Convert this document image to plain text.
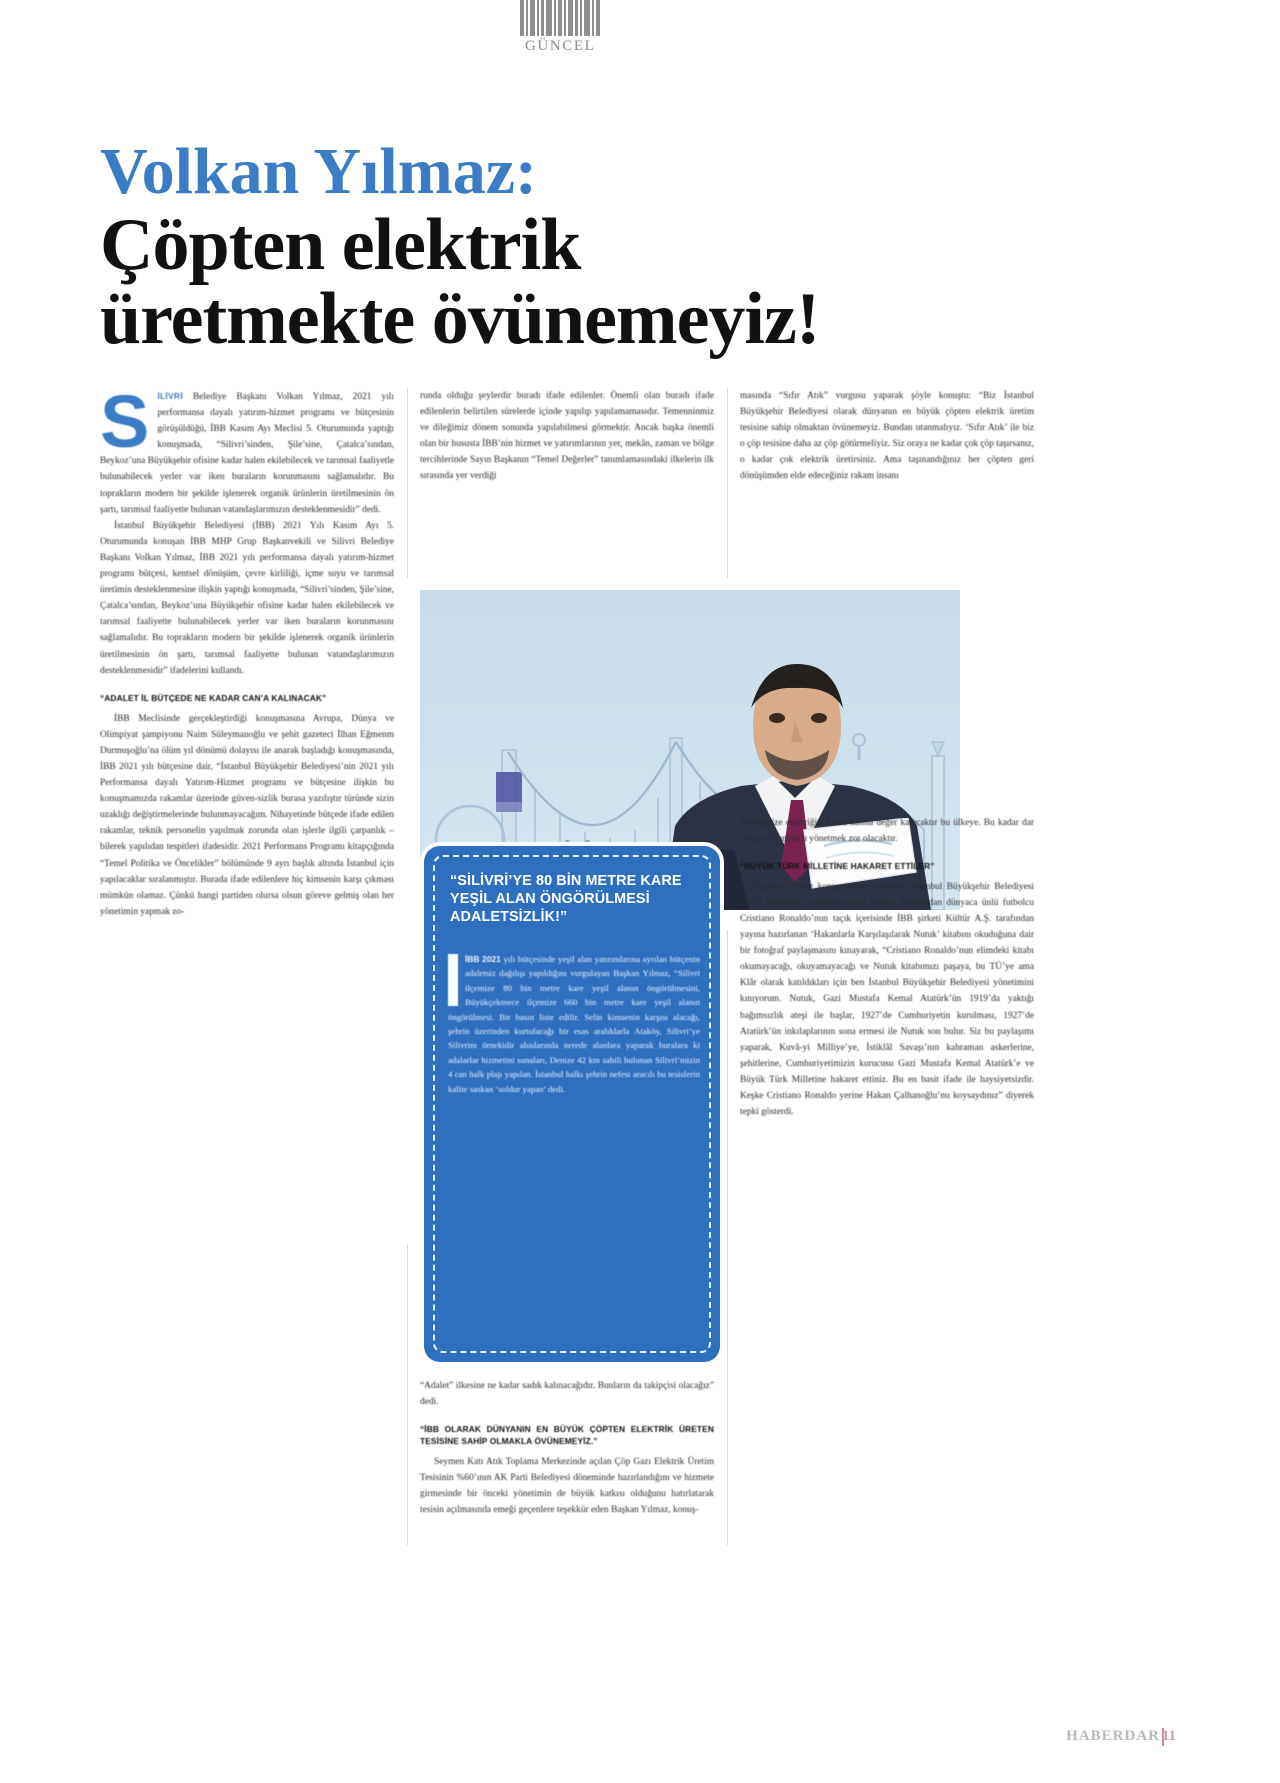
GÜNCEL
Volkan Yılmaz:
Çöpten elektrik
üretmekte övünemeyiz!

SİLİVRİ Belediye Başkanı Volkan Yılmaz, 2021 yılı performansa dayalı yatırım-hizmet programı ve bütçesinin görüşüldüğü, İBB Kasım Ayı Meclisi 5. Oturumunda yaptığı konuşmada, “Silivri’sinden, Şile’sine, Çatalca’sından, Beykoz’una Büyükşehir ofisine kadar halen ekilebilecek ve tarımsal faaliyetle bulunabilecek yerler var iken buraların korunmasını sağlamalıdır. Bu toprakların modern bir şekilde işlenerek organik ürünlerin üretilmesinin ön şartı, tarımsal faaliyette bulunan vatandaşlarımızın desteklenmesidir” dedi.

İstanbul Büyükşehir Belediyesi (İBB) 2021 Yılı Kasım Ayı 5. Oturumunda konuşan İBB MHP Grup Başkanvekili ve Silivri Belediye Başkanı Volkan Yılmaz, İBB 2021 yılı performansa dayalı yatırım-hizmet programı bütçesi, kentsel dönüşüm, çevre kirliliği, içme suyu ve tarımsal üretimin desteklenmesine ilişkin yaptığı konuşmada, “Silivri’sinden, Şile’sine, Çatalca’sından, Beykoz’una Büyükşehir ofisine kadar halen ekilebilecek ve tarımsal faaliyette bulunabilecek yerler var iken buraların korunmasını sağlamalıdır. Bu toprakların modern bir şekilde işlenerek organik ürünlerin üretilmesinin ön şartı, tarımsal faaliyette bulunan vatandaşlarımızın desteklenmesidir” ifadelerini kullandı.

“ADALET İL BÜTÇEDE NE KADAR CAN’A KALINACAK”

İBB Meclisinde gerçekleştirdiği konuşmasına Avrupa, Dünya ve Olimpiyat şampiyonu Naim Süleymanoğlu ve şehit gazeteci İlhan Eğmenm Durmuşoğlu’na ölüm yıl dönümü dolayısı ile anarak başladığı konuşmasında, İBB 2021 yılı bütçesine dair, “İstanbul Büyükşehir Belediyesi’nin 2021 yılı Performansa dayalı Yatırım-Hizmet programı ve bütçesine ilişkin bu konuşmamızda rakamlar üzerinde güven-sizlik burasa yazılıştır türünde sizin uzaklığı değiştirmelerinde bulunmayacağım. Nihayetinde bütçede ifade edilen rakamlar, teknik personelin yapılmak zorunda olan işlerle ilgili çarpanlık – bilerek yapılıdan tespitleri ifadesidir. 2021 Performans Programı kitapçığında “Temel Politika ve Öncelikler” bölümünde 9 ayrı başlık altında İstanbul için yapılacaklar sıralanmıştır. Burada ifade edilenlere hiç kimsenin karşı çıkması mümkün olamaz. Çünkü hangi partiden olursa olsun göreve gelmiş olan her yönetimin yapmak zo-

runda olduğu şeylerdir buradı ifade edilenler. Önemli olan buradı ifade edilenlerin belirtilen sürelerde içinde yapılıp yapılamamasıdır. Temenninmiz ve dileğimiz dönem sonunda yapılabilmesi görmektir. Ancak başka önemli olan bir hususta İBB’nin hizmet ve yatırımlarının yer, mekân, zaman ve bölge tercihlerinde Sayın Başkanın “Temel Değerler” tanımlamasındaki ilkelerin ilk sırasında yer verdiği

“SİLİVRİ’YE 80 BİN METRE KARE YEŞİL ALAN ÖNGÖRÜLMESİ ADALETSİZLİK!”
İBB 2021 yılı bütçesinde yeşil alan yatırımlarına ayrılan bütçenin adaletsiz dağılışı yapıldığını vurgulayan Başkan Yılmaz, “Silivri ilçemize 80 bin metre kare yeşil alanın öngörülmesini, Büyükçekmece ilçemize 660 bin metre kare yeşil alanın öngörülmesi. Bir basın liste edilir. Selin kimsenin karşısı alacağı, şehrin üzerinden kurtulacağı bir esas aralıklarla Ataköy, Silivri’ye Silivrim örnekidir aluslarında nerede alanlara yaparak buralara ki adalarlar hizmetini sunaları, Denize 42 km sahili bulunan Silivri’mizin 4 can halk plajı yapılan. İstanbul halkı şehrin nefesi aracılı bu tesislerin kalite saskan ‘soldur yapan’ dedi.

“Adalet” ilkesine ne kadar sadık kalınacağıdır. Bunların da takipçisi olacağız” dedi.

“İBB OLARAK DÜNYANIN EN BÜYÜK ÇÖPTEN ELEKTRİK ÜRETEN TESİSİNE SAHİP OLMAKLA ÖVÜNEMEYİZ.”

Seymen Katı Atık Toplama Merkezinde açılan Çöp Gazı Elektrik Üretim Tesisinin %60’ının AK Parti Belediyesi döneminde hazırlandığını ve hizmete girmesinde bir önceki yönetimin de büyük katkısı olduğunu hatırlatarak tesisin açılmasında emeği geçenlere teşekkür eden Başkan Yılmaz, konuş-

masında “Sıfır Atık” vurgusu yaparak şöyle konuştu: “Biz İstanbul Büyükşehir Belediyesi olarak dünyanın en büyük çöpten elektrik üretim tesisine sahip olmaktan övünemeyiz. Bundan utanmalıyız. ‘Sıfır Atık’ ile biz o çöp tesisine daha az çöp götürmeliyiz. Siz oraya ne kadar çok çöp taşırsanız, o kadar çok elektrik üretirsiniz. Ama taşınandığınız her çöpten geri dönüşümden elde edeceğiniz rakam insanı

ürettiğinize elektriğin 5 katı katma değer katacaktır bu ülkeye. Bu kadar dar bakışla İstanbul’u yönetmek zor olacaktır.

“BÜYÜK TÜRK MİLLETİNE HAKARET ETTİLER”

Başkan Yılmaz konuşmasının sonunda, İstanbul Büyükşehir Belediyesi (İBB) yönetimi kurumsal sosyal medya hesabından dünyaca ünlü futbolcu Cristiano Ronaldo’nun taçık içerisinde İBB şirketi Kültür A.Ş. tarafından yayına hazırlanan ‘Hakanlarla Karşılaşılarak Nutuk’ kitabını okuduğuna dair bir fotoğraf paylaşmasını kınayarak, “Cristiano Ronaldo’nun elimdeki kitabı okumayacağı, okuyamayacağı ve Nutuk kitabımızı paşaya, bu TÜ’ye ama Klâr olarak katıldıkları için ben İstanbul Büyükşehir Belediyesi yönetimini kınıyorum. Nutuk, Gazi Mustafa Kemal Atatürk’ün 1919’da yaktığı bağımsızlık ateşi ile başlar, 1927’de Cumhuriyetin kurulması, 1927’de Atatürk’ün inkılaplarının sona ermesi ile Nutuk son bulur. Siz bu paylaşımı yaparak, Kuvâ-yi Milliye’ye, İstiklâl Savaşı’nın kahraman askerlerine, şehitlerine, Cumhuriyetimizin kurucusu Gazi Mustafa Kemal Atatürk’e ve Büyük Türk Milletine hakaret ettiniz. Bu en basit ifade ile haysiyetsizdir. Keşke Cristiano Ronaldo yerine Hakan Çalhanoğlu’nu koysaydınız” diyerek tepki gösterdi.

HABERDAR 11
